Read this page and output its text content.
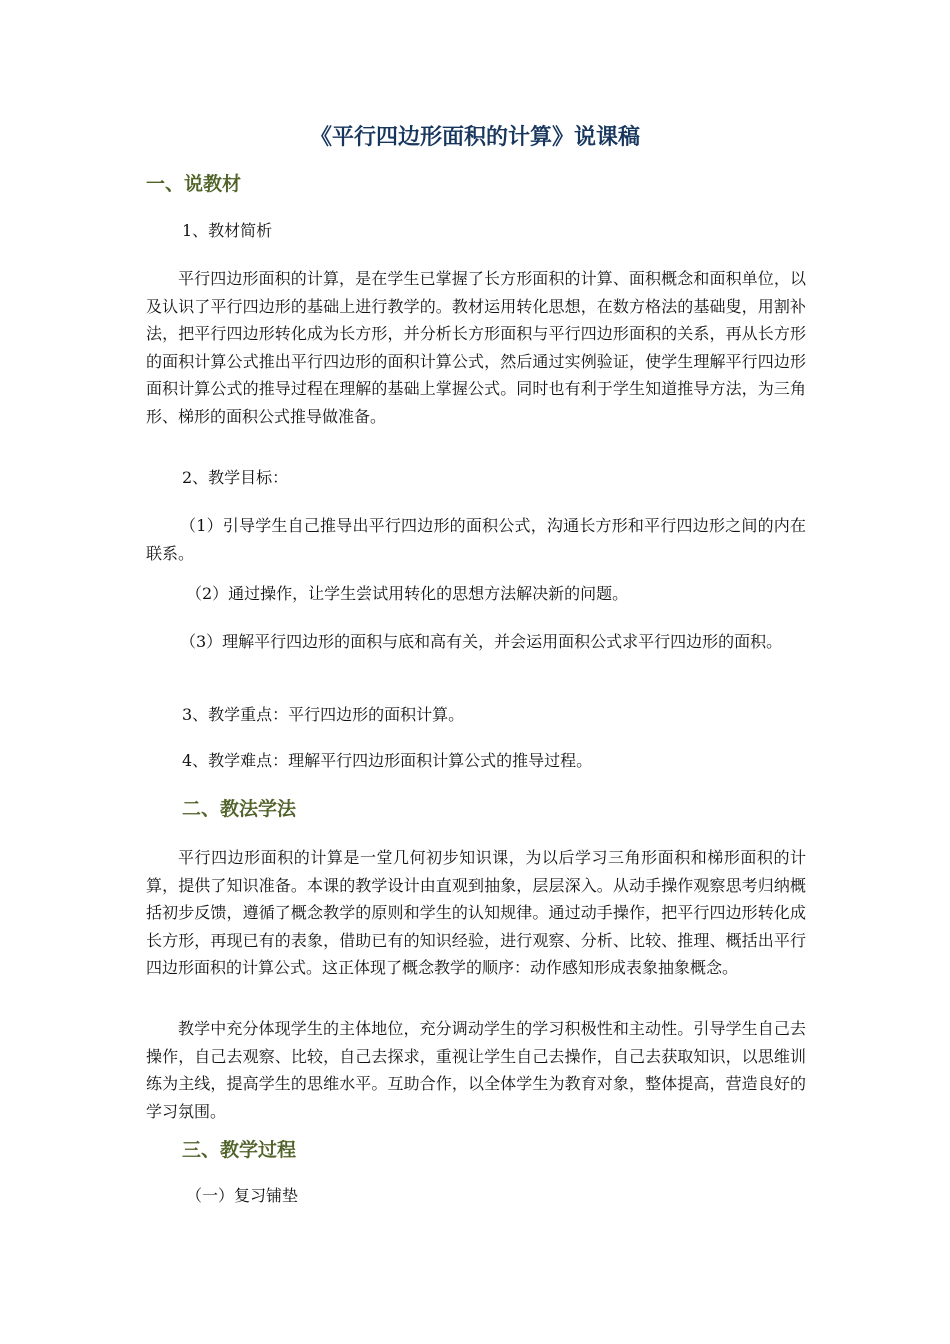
《平行四边形面积的计算》说课稿
一、说教材
1、教材简析
平行四边形面积的计算，是在学生已掌握了长方形面积的计算、面积概念和面积单位，以及认识了平行四边形的基础上进行教学的。教材运用转化思想，在数方格法的基础叟，用割补法，把平行四边形转化成为长方形，并分析长方形面积与平行四边形面积的关系，再从长方形的面积计算公式推出平行四边形的面积计算公式，然后通过实例验证，使学生理解平行四边形面积计算公式的推导过程在理解的基础上掌握公式。同时也有利于学生知道推导方法，为三角形、梯形的面积公式推导做准备。
2、教学目标：
（1）引导学生自己推导出平行四边形的面积公式，沟通长方形和平行四边形之间的内在联系。
（2）通过操作，让学生尝试用转化的思想方法解决新的问题。
（3）理解平行四边形的面积与底和高有关，并会运用面积公式求平行四边形的面积。
3、教学重点：平行四边形的面积计算。
4、教学难点：理解平行四边形面积计算公式的推导过程。
二、教法学法
平行四边形面积的计算是一堂几何初步知识课，为以后学习三角形面积和梯形面积的计算，提供了知识准备。本课的教学设计由直观到抽象，层层深入。从动手操作观察思考归纳概括初步反馈，遵循了概念教学的原则和学生的认知规律。通过动手操作，把平行四边形转化成长方形，再现已有的表象，借助已有的知识经验，进行观察、分析、比较、推理、概括出平行四边形面积的计算公式。这正体现了概念教学的顺序：动作感知形成表象抽象概念。
教学中充分体现学生的主体地位，充分调动学生的学习积极性和主动性。引导学生自己去操作，自己去观察、比较，自己去探求，重视让学生自己去操作，自己去获取知识，以思维训练为主线，提高学生的思维水平。互助合作，以全体学生为教育对象，整体提高，营造良好的学习氛围。
三、教学过程
（一）复习铺垫
